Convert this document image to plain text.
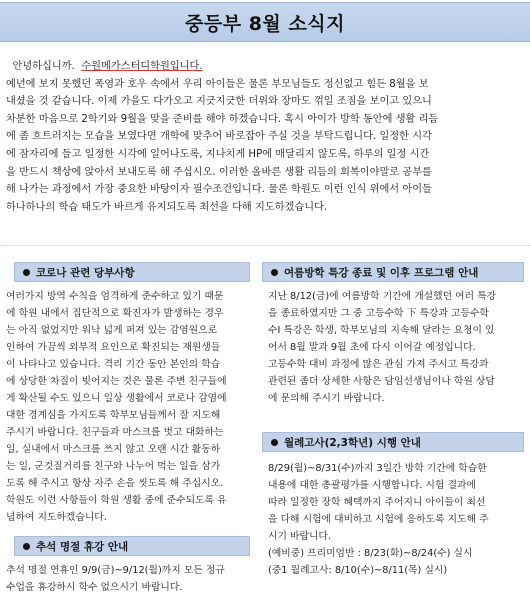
중등부 8월 소식지
안녕하십니까. 수원메가스터디학원입니다.
예년에 보지 못했던 폭염과 호우 속에서 우리 아이들은 물론 부모님들도 정신없고 힘든 8월을 보
내셨을 것 같습니다. 이제 가을도 다가오고 지긋지긋한 더위와 장마도 꺾일 조짐을 보이고 있으니
차분한 마음으로 2학기와 9월을 맞을 준비를 해야 하겠습니다. 혹시 아이가 방학 동안에 생활 리듬
에 좀 흐트러지는 모습을 보였다면 개학에 맞추어 바로잡아 주실 것을 부탁드립니다. 일정한 시각
에 잠자리에 들고 일정한 시각에 일어나도록, 지나치게 HP에 매달리지 않도록, 하루의 일정 시간
을 반드시 책상에 앉아서 보내도록 해 주십시오. 이러한 올바른 생활 리듬의 회복이야말로 공부를
해 나가는 과정에서 가장 중요한 바탕이자 필수조건입니다. 물론 학원도 이런 인식 위에서 아이들
하나하나의 학습 태도가 바르게 유지되도록 최선을 다해 지도하겠습니다.
코로나 관련 당부사항
여러가지 방역 수칙을 엄격하게 준수하고 있기 때문
에 학원 내에서 집단적으로 확진자가 발생하는 경우
는 아직 없었지만 워낙 넓게 퍼져 있는 감염원으로
인하여 가끔씩 외부적 요인으로 확진되는 재원생들
이 나타나고 있습니다. 격리 기간 동안 본인의 학습
에 상당한 차질이 빚어지는 것은 물론 주변 친구들에
게 확산될 수도 있으니 일상 생활에서 코로나 감염에
대한 경계심을 가지도록 학부모님들께서 잘 지도해
주시기 바랍니다. 친구들과 마스크를 벗고 대화하는
일, 실내에서 마스크를 쓰지 않고 오랜 시간 활동하
는 일, 군것질거리를 친구와 나누어 먹는 일을 삼가
도록 해 주시고 항상 자주 손을 씻도록 해 주십시오.
학원도 이런 사항들이 학원 생활 중에 준수되도록 유
념하여 지도하겠습니다.
추석 명절 휴강 안내
추석 명절 연휴인 9/9(금)~9/12(월)까지 모든 정규
수업을 휴강하시 학수 없으시기 바랍니다.
여름방학 특강 종료 및 이후 프로그램 안내
지난 8/12(금)에 여름방학 기간에 개설했던 여러 특강
을 종료하였지만 그 중 고등수학 下 특강과 고등수학
수I 특강은 학생, 학부모님의 지속해 달라는 요청이 있
어서 8월 말과 9월 초에 다시 이어갈 예정입니다.
고등수학 대비 과정에 많은 관심 가져 주시고 특강과
관련된 좀더 상세한 사항은 담임선생님이나 학원 상담
에 문의해 주시기 바랍니다.
월례고사(2,3학년) 시행 안내
8/29(월)~8/31(수)까지 3일간 방학 기간에 학습한
내용에 대한 총괄평가를 시행합니다. 시험 결과에
따라 일정한 장학 혜택까지 주어지니 아이들이 최선
을 다해 시험에 대비하고 시험에 응하도록 지도해 주
시기 바랍니다.
(예비중) 프리미엄반 : 8/23(화)~8/24(수) 실시
(중1 월례고사: 8/10(수)~8/11(목) 실시)
